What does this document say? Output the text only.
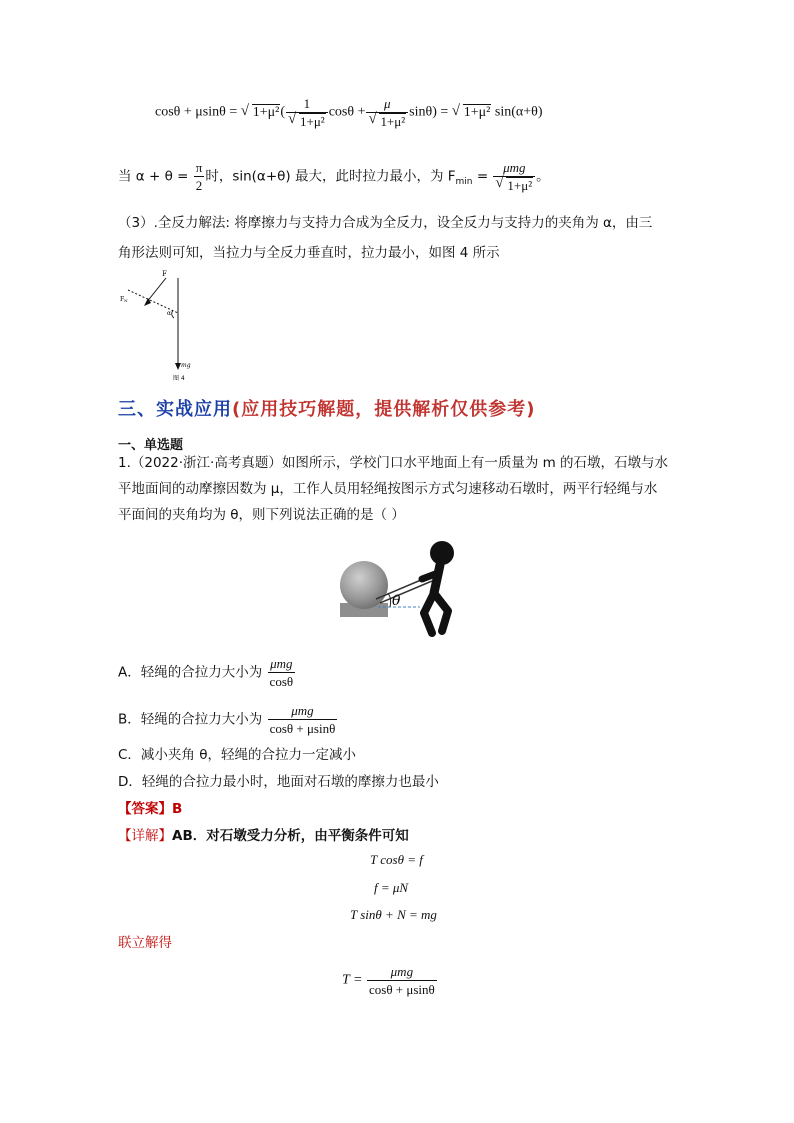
cosθ + μsinθ = √ 1+μ²( 1
√ 1+μ² cosθ + μ
√ 1+μ² sinθ) = √ 1+μ² sin(α+θ)
当 $\alpha + \theta = \frac{\pi}{2}$ 时，sin(α+θ) 最大，此时拉力最小，为 $F_{min} = \mu mg$
√ 1+μ² 。
（3）.全反力解法: 将摩擦力与支持力合成为全反力，设全反力与支持力的夹角为 α，由三
角形法则可知，当拉力与全反力垂直时，拉力最小，如图 4 所示
F
FN
α
mg
图 4
三、实战应用(应用技巧解题，提供解析仅供参考)
一、单选题
1.（2022·浙江·高考真题）如图所示，学校门口水平地面上有一质量为 m 的石墩，石墩与水
平地面间的动摩擦因数为 μ，工作人员用轻绳按图示方式匀速移动石墩时，两平行轻绳与水
平面间的夹角均为 θ，则下列说法正确的是（ ）
θ
A．轻绳的合拉力大小为 $\frac{\text{μmg}}{\cos\theta}$
B．轻绳的合拉力大小为 $\frac{\text{μmg}}{\cos\theta + \mu\sin\theta}$
C．减小夹角 θ，轻绳的合拉力一定减小
D．轻绳的合拉力最小时，地面对石墩的摩擦力也最小
【答案】B
【详解】AB．对石墩受力分析，由平衡条件可知
T cosθ = f
f = μN
T sinθ + N = mg
联立解得
$T = \frac{\text{μmg}}{\cos\theta + \mu\sin\theta}$
